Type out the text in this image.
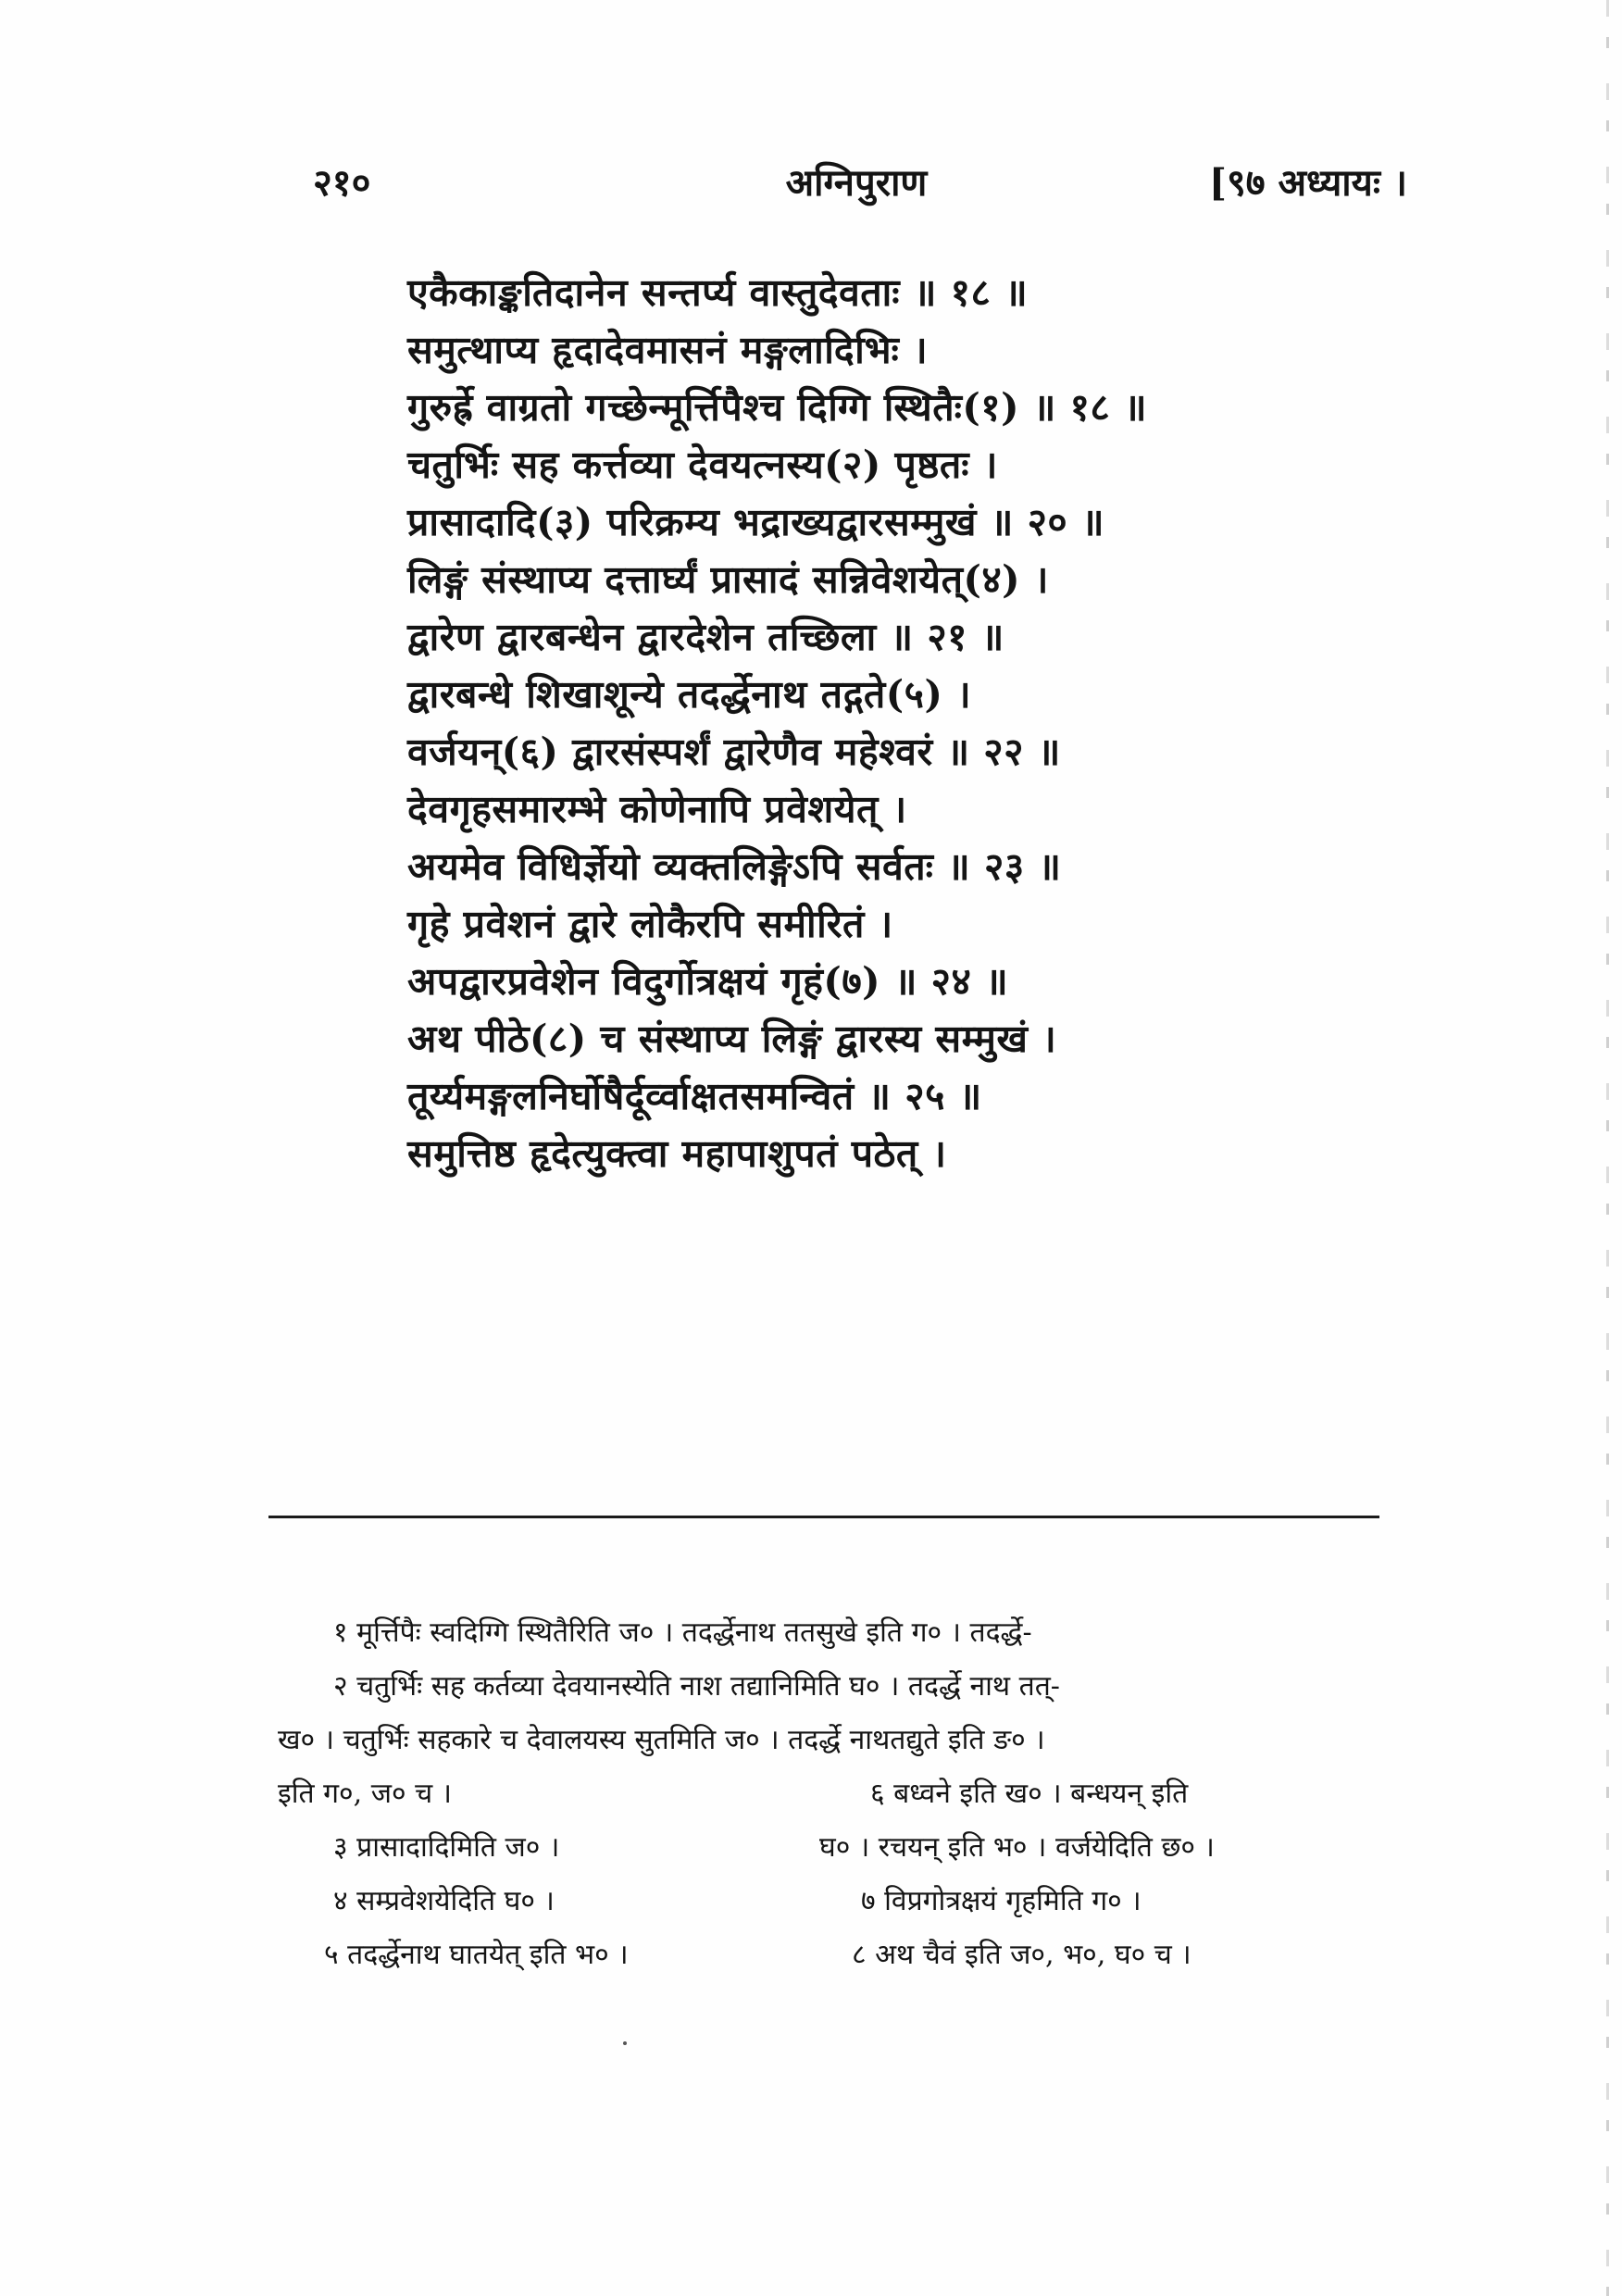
२१०	अग्निपुराण	[९७ अध्यायः ।
एकैकाङ्कतिदानेन सन्तर्प्य वास्तुदेवताः ॥ १८ ॥
समुत्थाप्य हृदादेवमासनं मङ्गलादिभिः ।
गुरुर्ह्रे वाग्रतो गच्छेन्मूर्त्तिपैश्च दिग्गि स्थितैः(१) ॥ १८ ॥
चतुर्भिः सह कर्त्तव्या देवयत्नस्य(२) पृष्ठतः ।
प्रासादादि(३) परिक्रम्य भद्राख्यद्वारसम्मुखं ॥ २० ॥
लिङ्गं संस्थाप्य दत्तार्घ्यं प्रासादं सन्निवेशयेत्(४) ।
द्वारेण द्वारबन्धेन द्वारदेशेन तच्छिला ॥ २१ ॥
द्वारबन्धे शिखाशून्ये तदर्द्धेनाथ तद्गते(५) ।
वर्जयन्(६) द्वारसंस्पर्शं द्वारेणैव महेश्वरं ॥ २२ ॥
देवगृहसमारम्भे कोणेनापि प्रवेशयेत् ।
अयमेव विधिर्ज्ञेयो व्यक्तलिङ्गेऽपि सर्वतः ॥ २३ ॥
गृहे प्रवेशनं द्वारे लोकैरपि समीरितं ।
अपद्वारप्रवेशेन विदुर्गोत्रक्षयं गृहं(७) ॥ २४ ॥
अथ पीठे(८) च संस्थाप्य लिङ्गं द्वारस्य सम्मुखं ।
तूर्य्यमङ्गलनिर्घोषैर्दूर्व्वाक्षतसमन्वितं ॥ २५ ॥
समुत्तिष्ठ हृदेत्युक्त्वा महापाशुपतं पठेत् ।
१ मूर्त्तिपैः स्वदिग्गि स्थितैरिति ज० । तदर्द्धेनाथ ततसुखे इति ग० । तदर्द्धे-
२ चतुर्भिः सह कर्तव्या देवयानस्येति नाश तद्यानिमिति घ० । तदर्द्धे नाथ तत्-
ख० । चतुर्भिः सहकारे च देवालयस्य सुतमिति ज० । तदर्द्धे नाथतद्युते इति ङ० ।
इति ग०, ज० च ।	६ बध्वने इति ख० । बन्धयन् इति
३ प्रासादादिमिति ज० ।	घ० । रचयन् इति भ० । वर्जयेदिति छ० ।
४ सम्प्रवेशयेदिति घ० ।	७ विप्रगोत्रक्षयं गृहमिति ग० ।
५ तदर्द्धेनाथ घातयेत् इति भ० ।	८ अथ चैवं इति ज०, भ०, घ० च ।
